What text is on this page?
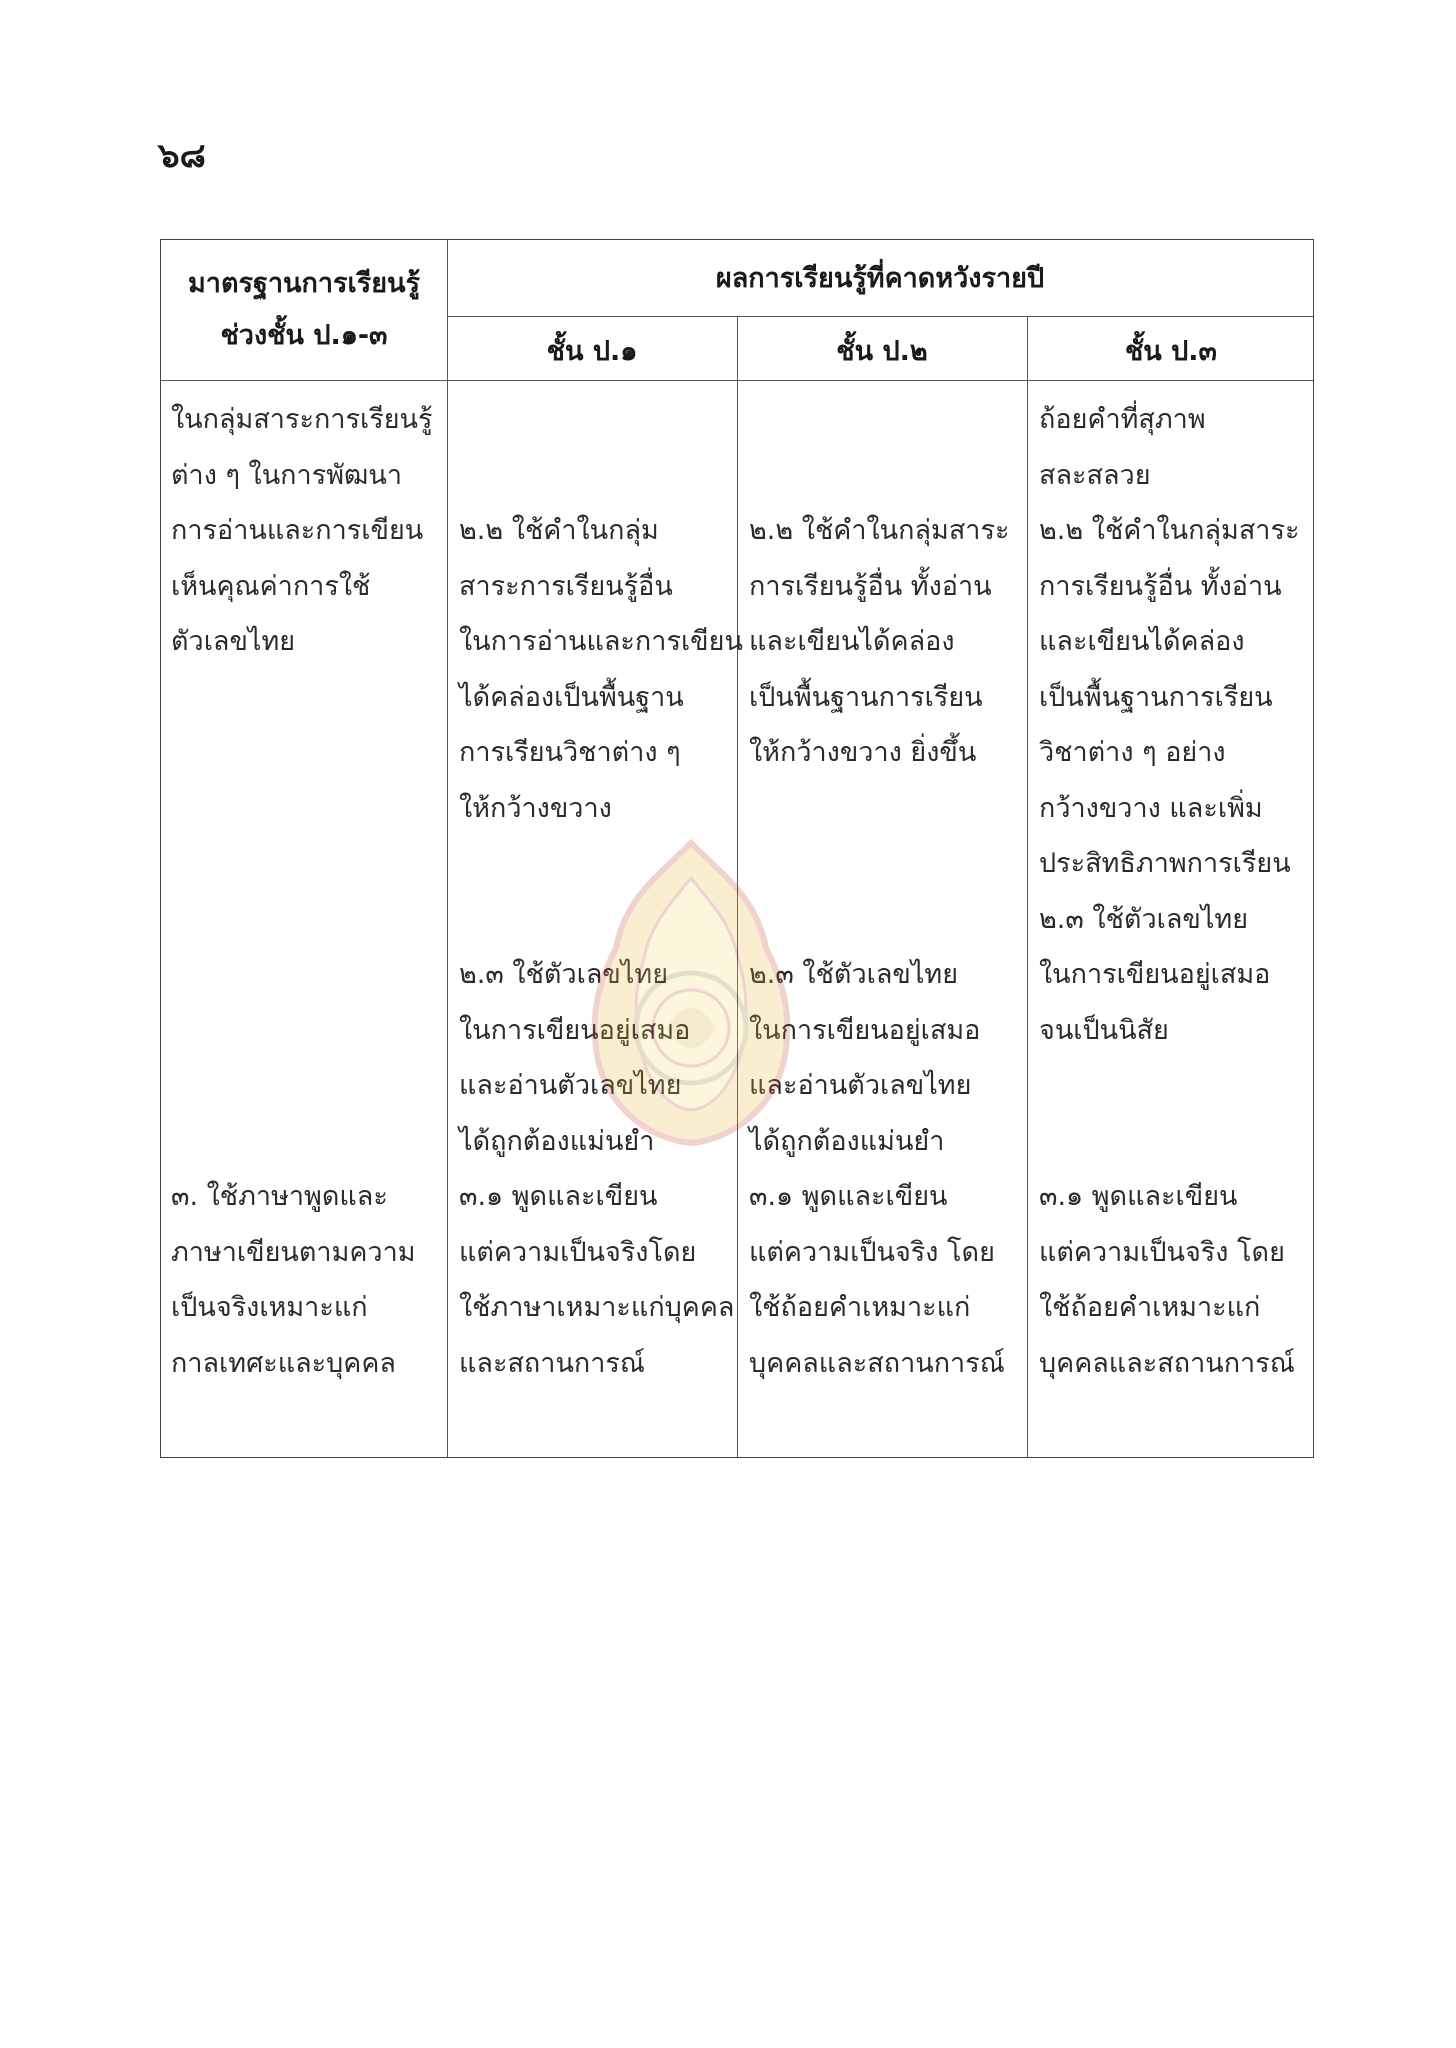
๖๘
มาตรฐานการเรียนรู้
ช่วงชั้น ป.๑-๓
ผลการเรียนรู้ที่คาดหวังรายปี
ชั้น ป.๑	ชั้น ป.๒	ชั้น ป.๓
ในกลุ่มสาระการเรียนรู้
ต่าง ๆ ในการพัฒนา
การอ่านและการเขียน
เห็นคุณค่าการใช้
ตัวเลขไทย
๓. ใช้ภาษาพูดและ
ภาษาเขียนตามความ
เป็นจริงเหมาะแก่
กาลเทศะและบุคคล
๒.๒ ใช้คำในกลุ่ม
สาระการเรียนรู้อื่น
ในการอ่านและการเขียน
ได้คล่องเป็นพื้นฐาน
การเรียนวิชาต่าง ๆ
ให้กว้างขวาง
๒.๓ ใช้ตัวเลขไทย
ในการเขียนอยู่เสมอ
และอ่านตัวเลขไทย
ได้ถูกต้องแม่นยำ
๓.๑ พูดและเขียน
แต่ความเป็นจริงโดย
ใช้ภาษาเหมาะแก่บุคคล
และสถานการณ์
๒.๒ ใช้คำในกลุ่มสาระ
การเรียนรู้อื่น ทั้งอ่าน
และเขียนได้คล่อง
เป็นพื้นฐานการเรียน
ให้กว้างขวาง ยิ่งขึ้น
๒.๓ ใช้ตัวเลขไทย
ในการเขียนอยู่เสมอ
และอ่านตัวเลขไทย
ได้ถูกต้องแม่นยำ
๓.๑ พูดและเขียน
แต่ความเป็นจริง โดย
ใช้ถ้อยคำเหมาะแก่
บุคคลและสถานการณ์
ถ้อยคำที่สุภาพ
สละสลวย
๒.๒ ใช้คำในกลุ่มสาระ
การเรียนรู้อื่น ทั้งอ่าน
และเขียนได้คล่อง
เป็นพื้นฐานการเรียน
วิชาต่าง ๆ อย่าง
กว้างขวาง และเพิ่ม
ประสิทธิภาพการเรียน
๒.๓ ใช้ตัวเลขไทย
ในการเขียนอยู่เสมอ
จนเป็นนิสัย
๓.๑ พูดและเขียน
แต่ความเป็นจริง โดย
ใช้ถ้อยคำเหมาะแก่
บุคคลและสถานการณ์
